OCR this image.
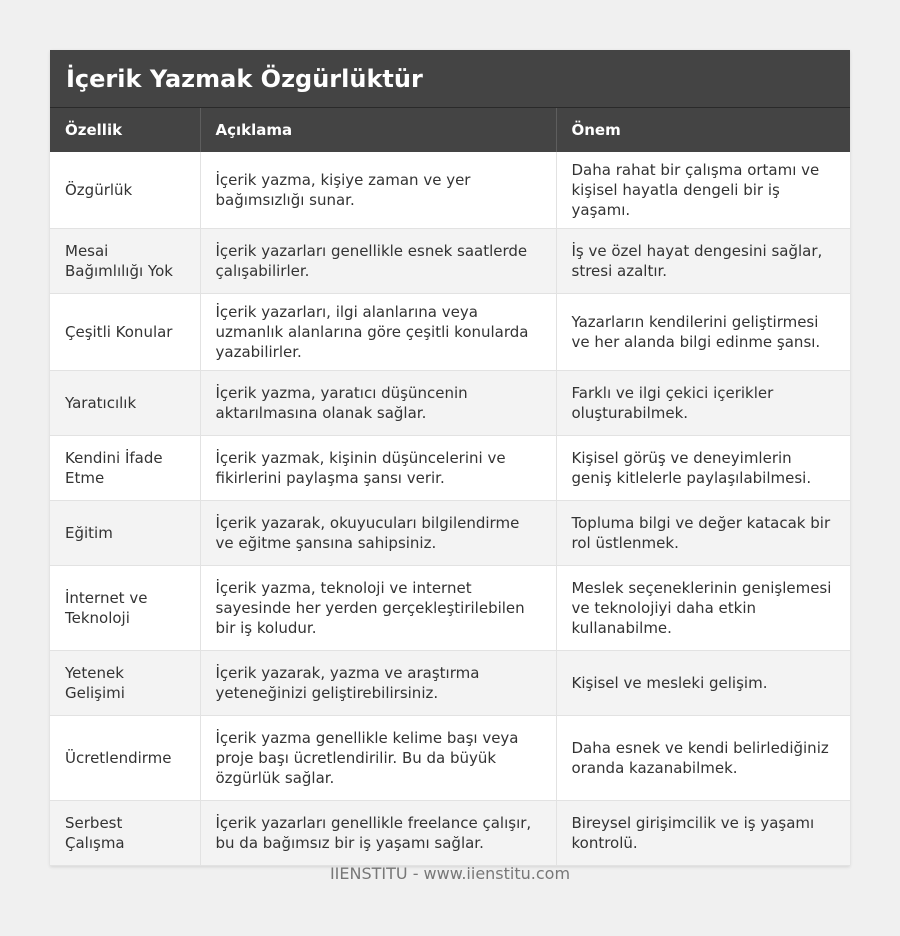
İçerik Yazmak Özgürlüktür
Özellik	Açıklama	Önem
Özgürlük	İçerik yazma, kişiye zaman ve yer bağımsızlığı sunar.	Daha rahat bir çalışma ortamı ve kişisel hayatla dengeli bir iş yaşamı.
Mesai Bağımlılığı Yok	İçerik yazarları genellikle esnek saatlerde çalışabilirler.	İş ve özel hayat dengesini sağlar, stresi azaltır.
Çeşitli Konular	İçerik yazarları, ilgi alanlarına veya uzmanlık alanlarına göre çeşitli konularda yazabilirler.	Yazarların kendilerini geliştirmesi ve her alanda bilgi edinme şansı.
Yaratıcılık	İçerik yazma, yaratıcı düşüncenin aktarılmasına olanak sağlar.	Farklı ve ilgi çekici içerikler oluşturabilmek.
Kendini İfade Etme	İçerik yazmak, kişinin düşüncelerini ve fikirlerini paylaşma şansı verir.	Kişisel görüş ve deneyimlerin geniş kitlelerle paylaşılabilmesi.
Eğitim	İçerik yazarak, okuyucuları bilgilendirme ve eğitme şansına sahipsiniz.	Topluma bilgi ve değer katacak bir rol üstlenmek.
İnternet ve Teknoloji	İçerik yazma, teknoloji ve internet sayesinde her yerden gerçekleştirilebilen bir iş koludur.	Meslek seçeneklerinin genişlemesi ve teknolojiyi daha etkin kullanabilme.
Yetenek Gelişimi	İçerik yazarak, yazma ve araştırma yeteneğinizi geliştirebilirsiniz.	Kişisel ve mesleki gelişim.
Ücretlendirme	İçerik yazma genellikle kelime başı veya proje başı ücretlendirilir. Bu da büyük özgürlük sağlar.	Daha esnek ve kendi belirlediğiniz oranda kazanabilmek.
Serbest Çalışma	İçerik yazarları genellikle freelance çalışır, bu da bağımsız bir iş yaşamı sağlar.	Bireysel girişimcilik ve iş yaşamı kontrolü.
IIENSTITU - www.iienstitu.com
